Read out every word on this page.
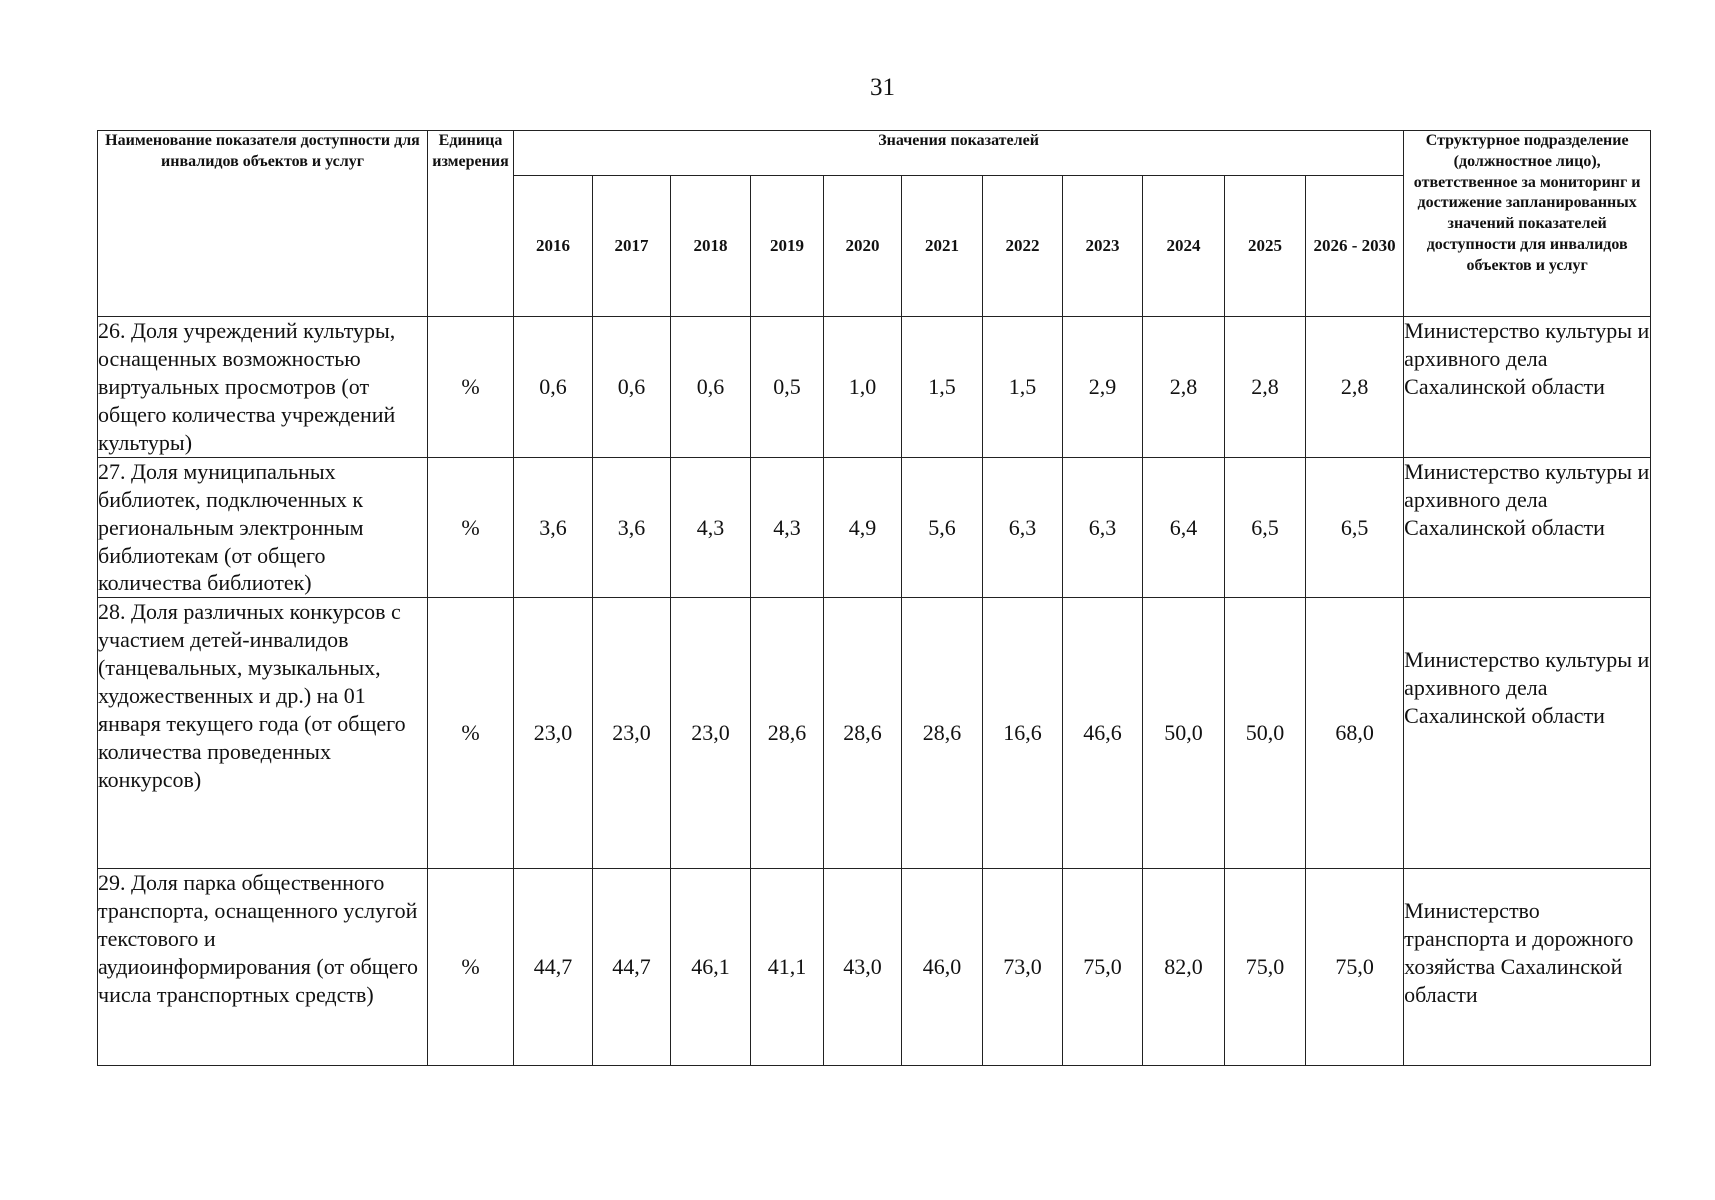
31
Наименование показателя доступности для инвалидов объектов и услуг	Единица измерения	Значения показателей											Структурное подразделение (должностное лицо), ответственное за мониторинг и достижение запланированных значений показателей доступности для инвалидов объектов и услуг
		2016	2017	2018	2019	2020	2021	2022	2023	2024	2025	2026 - 2030	
26. Доля учреждений культуры, оснащенных возможностью виртуальных просмотров (от общего количества учреждений культуры)	%	0,6	0,6	0,6	0,5	1,0	1,5	1,5	2,9	2,8	2,8	2,8	Министерство культуры и архивного дела Сахалинской области
27. Доля муниципальных библиотек, подключенных к региональным электронным библиотекам (от общего количества библиотек)	%	3,6	3,6	4,3	4,3	4,9	5,6	6,3	6,3	6,4	6,5	6,5	Министерство культуры и архивного дела Сахалинской области
28. Доля различных конкурсов с участием детей-инвалидов (танцевальных, музыкальных, художественных и др.) на 01 января текущего года (от общего количества проведенных конкурсов)	%	23,0	23,0	23,0	28,6	28,6	28,6	16,6	46,6	50,0	50,0	68,0	Министерство культуры и архивного дела Сахалинской области
29. Доля парка общественного транспорта, оснащенного услугой текстового и аудиоинформирования (от общего числа транспортных средств)	%	44,7	44,7	46,1	41,1	43,0	46,0	73,0	75,0	82,0	75,0	75,0	Министерство транспорта и дорожного хозяйства Сахалинской области
